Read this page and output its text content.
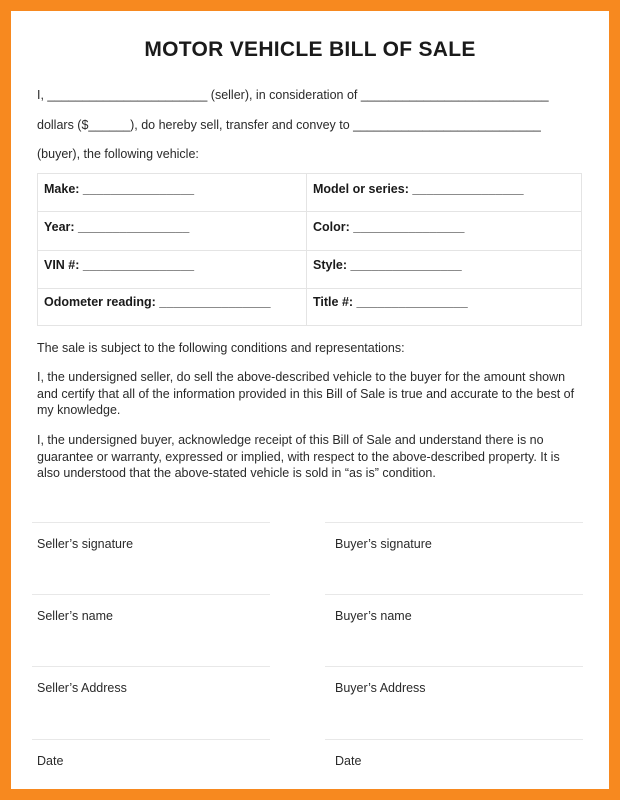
MOTOR VEHICLE BILL OF SALE
I, _______________________ (seller), in consideration of ___________________________
dollars ($______), do hereby sell, transfer and convey to ___________________________
(buyer), the following vehicle:
Make: ________________	Model or series: ________________
Year: ________________	Color: ________________
VIN #: ________________	Style: ________________
Odometer reading: ________________	Title #: ________________
The sale is subject to the following conditions and representations:

I, the undersigned seller, do sell the above-described vehicle to the buyer for the amount shown and certify that all of the information provided in this Bill of Sale is true and accurate to the best of my knowledge.

I, the undersigned buyer, acknowledge receipt of this Bill of Sale and understand there is no guarantee or warranty, expressed or implied, with respect to the above-described property. It is also understood that the above-stated vehicle is sold in “as is” condition.

Seller’s signature	Buyer’s signature
Seller’s name	Buyer’s name
Seller’s Address	Buyer’s Address
Date	Date
